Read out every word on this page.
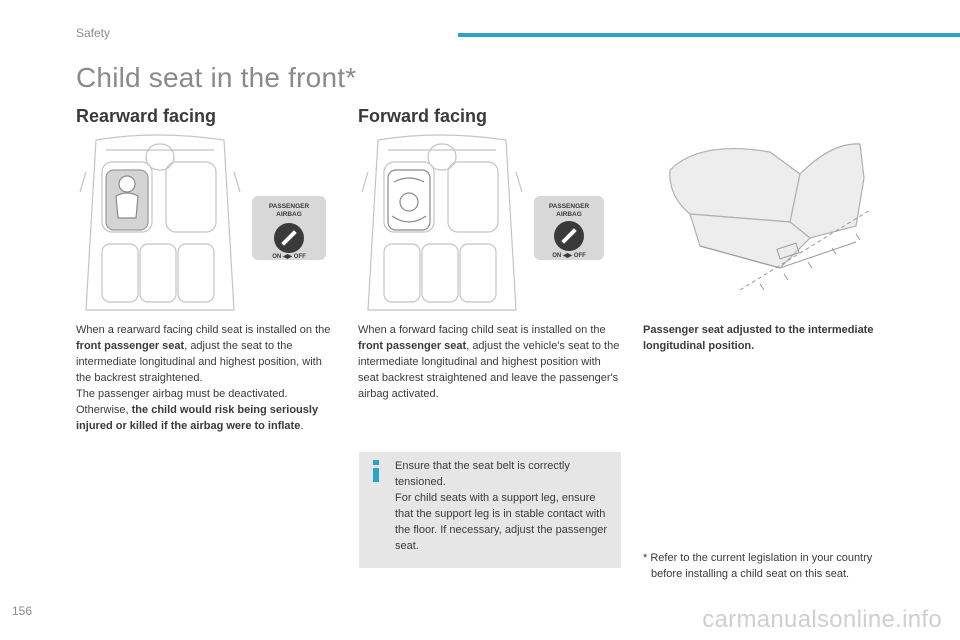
Safety
Child seat in the front*
Rearward facing	Forward facing
PASSENGER
AIRBAG
ON ◀▶ OFF
PASSENGER
AIRBAG
ON ◀▶ OFF
When a rearward facing child seat is installed on the front passenger seat, adjust the seat to the intermediate longitudinal and highest position, with the backrest straightened.
The passenger airbag must be deactivated.
Otherwise, the child would risk being seriously injured or killed if the airbag were to inflate.
When a forward facing child seat is installed on the front passenger seat, adjust the vehicle's seat to the intermediate longitudinal and highest position with seat backrest straightened and leave the passenger's airbag activated.
Passenger seat adjusted to the intermediate longitudinal position.
Ensure that the seat belt is correctly tensioned.
For child seats with a support leg, ensure that the support leg is in stable contact with the floor. If necessary, adjust the passenger seat.
* Refer to the current legislation in your country
before installing a child seat on this seat.
156	carmanualsonline.info
